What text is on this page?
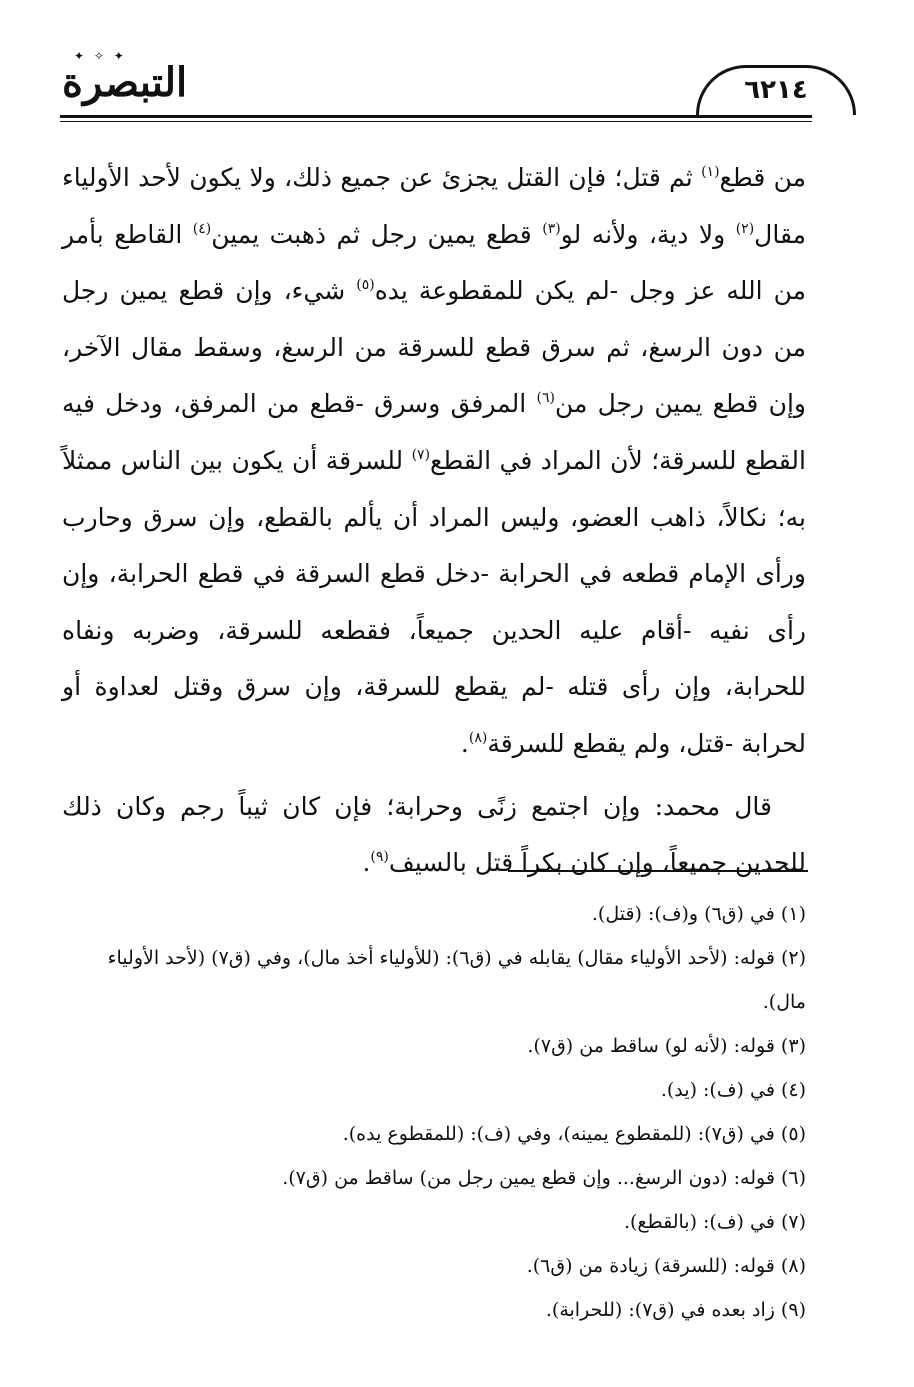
✦ ✧ ✦
التبصرة	٦٢١٤

من قطع$^{(١)}$ ثم قتل؛ فإن القتل يجزئ عن جميع ذلك، ولا يكون لأحد الأولياء مقال$^{(٢)}$ ولا دية، ولأنه لو$^{(٣)}$ قطع يمين رجل ثم ذهبت يمين$^{(٤)}$ القاطع بأمر من الله عز وجل -لم يكن للمقطوعة يده$^{(٥)}$ شيء، وإن قطع يمين رجل من دون الرسغ، ثم سرق قطع للسرقة من الرسغ، وسقط مقال الآخر، وإن قطع يمين رجل من$^{(٦)}$ المرفق وسرق -قطع من المرفق، ودخل فيه القطع للسرقة؛ لأن المراد في القطع$^{(٧)}$ للسرقة أن يكون بين الناس ممثلاً به؛ نكالاً، ذاهب العضو، وليس المراد أن يألم بالقطع، وإن سرق وحارب ورأى الإمام قطعه في الحرابة -دخل قطع السرقة في قطع الحرابة، وإن رأى نفيه -أقام عليه الحدين جميعاً، فقطعه للسرقة، وضربه ونفاه للحرابة، وإن رأى قتله -لم يقطع للسرقة، وإن سرق وقتل لعداوة أو لحرابة -قتل، ولم يقطع للسرقة$^{(٨)}$.

قال محمد: وإن اجتمع زنًى وحرابة؛ فإن كان ثيباً رجم وكان ذلك للحدين جميعاً، وإن كان بكراً قتل بالسيف$^{(٩)}$.

(١) في (ق٦) و(ف): (قتل).

(٢) قوله: (لأحد الأولياء مقال) يقابله في (ق٦): (للأولياء أخذ مال)، وفي (ق٧) (لأحد الأولياء مال).

(٣) قوله: (لأنه لو) ساقط من (ق٧).

(٤) في (ف): (يد).

(٥) في (ق٧): (للمقطوع يمينه)، وفي (ف): (للمقطوع يده).

(٦) قوله: (دون الرسغ... وإن قطع يمين رجل من) ساقط من (ق٧).

(٧) في (ف): (بالقطع).

(٨) قوله: (للسرقة) زيادة من (ق٦).

(٩) زاد بعده في (ق٧): (للحرابة).
